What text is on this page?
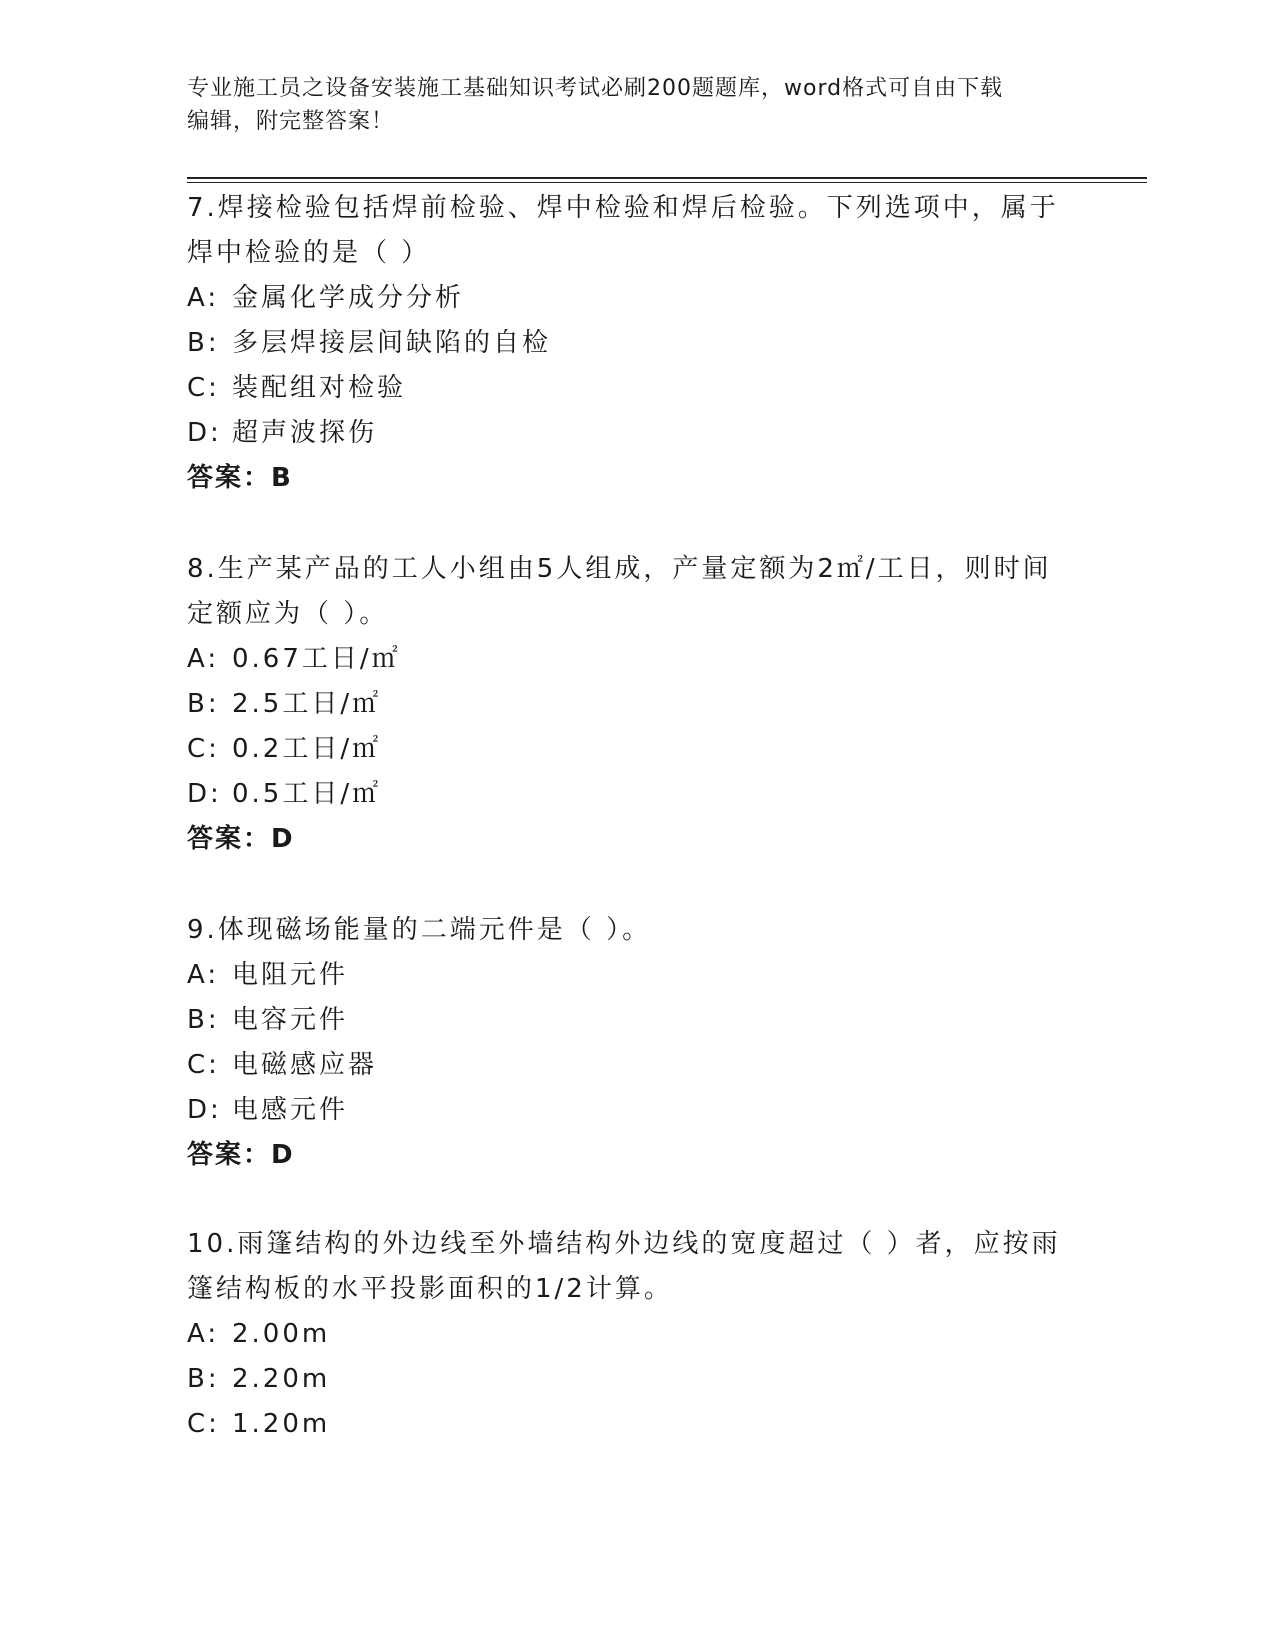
专业施工员之设备安装施工基础知识考试必刷200题题库，word格式可自由下载
编辑，附完整答案！
7.焊接检验包括焊前检验、焊中检验和焊后检验。下列选项中，属于
焊中检验的是（ ）
A: 金属化学成分分析
B: 多层焊接层间缺陷的自检
C: 装配组对检验
D: 超声波探伤
答案：B
8.生产某产品的工人小组由5人组成，产量定额为2㎡/工日，则时间
定额应为（ ）。
A: 0.67工日/㎡
B: 2.5工日/㎡
C: 0.2工日/㎡
D: 0.5工日/㎡
答案：D
9.体现磁场能量的二端元件是（ ）。
A: 电阻元件
B: 电容元件
C: 电磁感应器
D: 电感元件
答案：D
10.雨篷结构的外边线至外墙结构外边线的宽度超过（ ）者，应按雨
篷结构板的水平投影面积的1/2计算。
A: 2.00m
B: 2.20m
C: 1.20m
